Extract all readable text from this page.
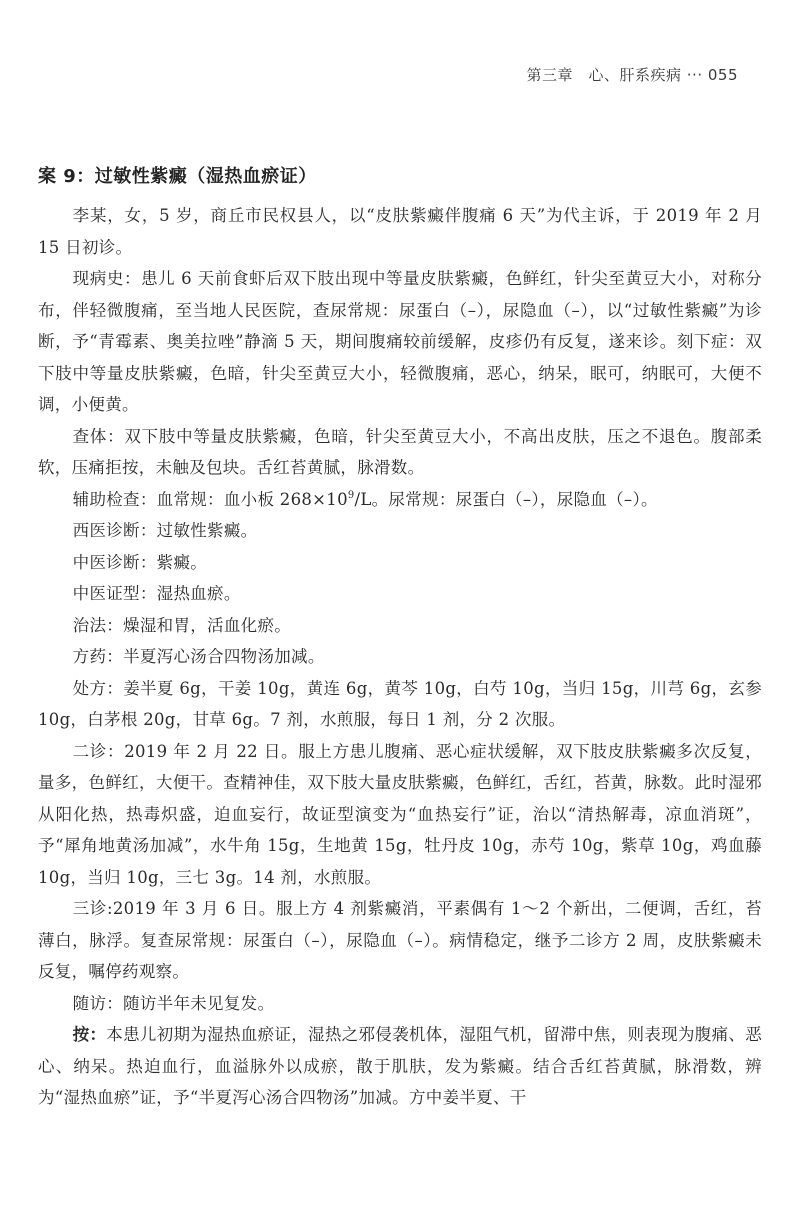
第三章　心、肝系疾病 ··· 055
案 9：过敏性紫癜（湿热血瘀证）

李某，女，5 岁，商丘市民权县人，以“皮肤紫癜伴腹痛 6 天”为代主诉，于 2019 年 2 月 15 日初诊。

现病史：患儿 6 天前食虾后双下肢出现中等量皮肤紫癜，色鲜红，针尖至黄豆大小，对称分布，伴轻微腹痛，至当地人民医院，查尿常规：尿蛋白（–），尿隐血（–），以“过敏性紫癜”为诊断，予“青霉素、奥美拉唑”静滴 5 天，期间腹痛较前缓解，皮疹仍有反复，遂来诊。刻下症：双下肢中等量皮肤紫癜，色暗，针尖至黄豆大小，轻微腹痛，恶心，纳呆，眠可，纳眠可，大便不调，小便黄。

查体：双下肢中等量皮肤紫癜，色暗，针尖至黄豆大小，不高出皮肤，压之不退色。腹部柔软，压痛拒按，未触及包块。舌红苔黄腻，脉滑数。

辅助检查：血常规：血小板 $268\times 10^9/L$。尿常规：尿蛋白（–），尿隐血（–）。

西医诊断：过敏性紫癜。

中医诊断：紫癜。

中医证型：湿热血瘀。

治法：燥湿和胃，活血化瘀。

方药：半夏泻心汤合四物汤加减。

处方：姜半夏 6g，干姜 10g，黄连 6g，黄芩 10g，白芍 10g，当归 15g，川芎 6g，玄参 10g，白茅根 20g，甘草 6g。7 剂，水煎服，每日 1 剂，分 2 次服。

二诊：2019 年 2 月 22 日。服上方患儿腹痛、恶心症状缓解，双下肢皮肤紫癜多次反复，量多，色鲜红，大便干。查精神佳，双下肢大量皮肤紫癜，色鲜红，舌红，苔黄，脉数。此时湿邪从阳化热，热毒炽盛，迫血妄行，故证型演变为“血热妄行”证，治以“清热解毒，凉血消斑”，予“犀角地黄汤加减”，水牛角 15g，生地黄 15g，牡丹皮 10g，赤芍 10g，紫草 10g，鸡血藤 10g，当归 10g，三七 3g。14 剂，水煎服。

三诊:2019 年 3 月 6 日。服上方 4 剂紫癜消，平素偶有 1～2 个新出，二便调，舌红，苔薄白，脉浮。复查尿常规：尿蛋白（–），尿隐血（–）。病情稳定，继予二诊方 2 周，皮肤紫癜未反复，嘱停药观察。

随访：随访半年未见复发。

按：本患儿初期为湿热血瘀证，湿热之邪侵袭机体，湿阻气机，留滞中焦，则表现为腹痛、恶心、纳呆。热迫血行，血溢脉外以成瘀，散于肌肤，发为紫癜。结合舌红苔黄腻，脉滑数，辨为“湿热血瘀”证，予“半夏泻心汤合四物汤”加减。方中姜半夏、干
